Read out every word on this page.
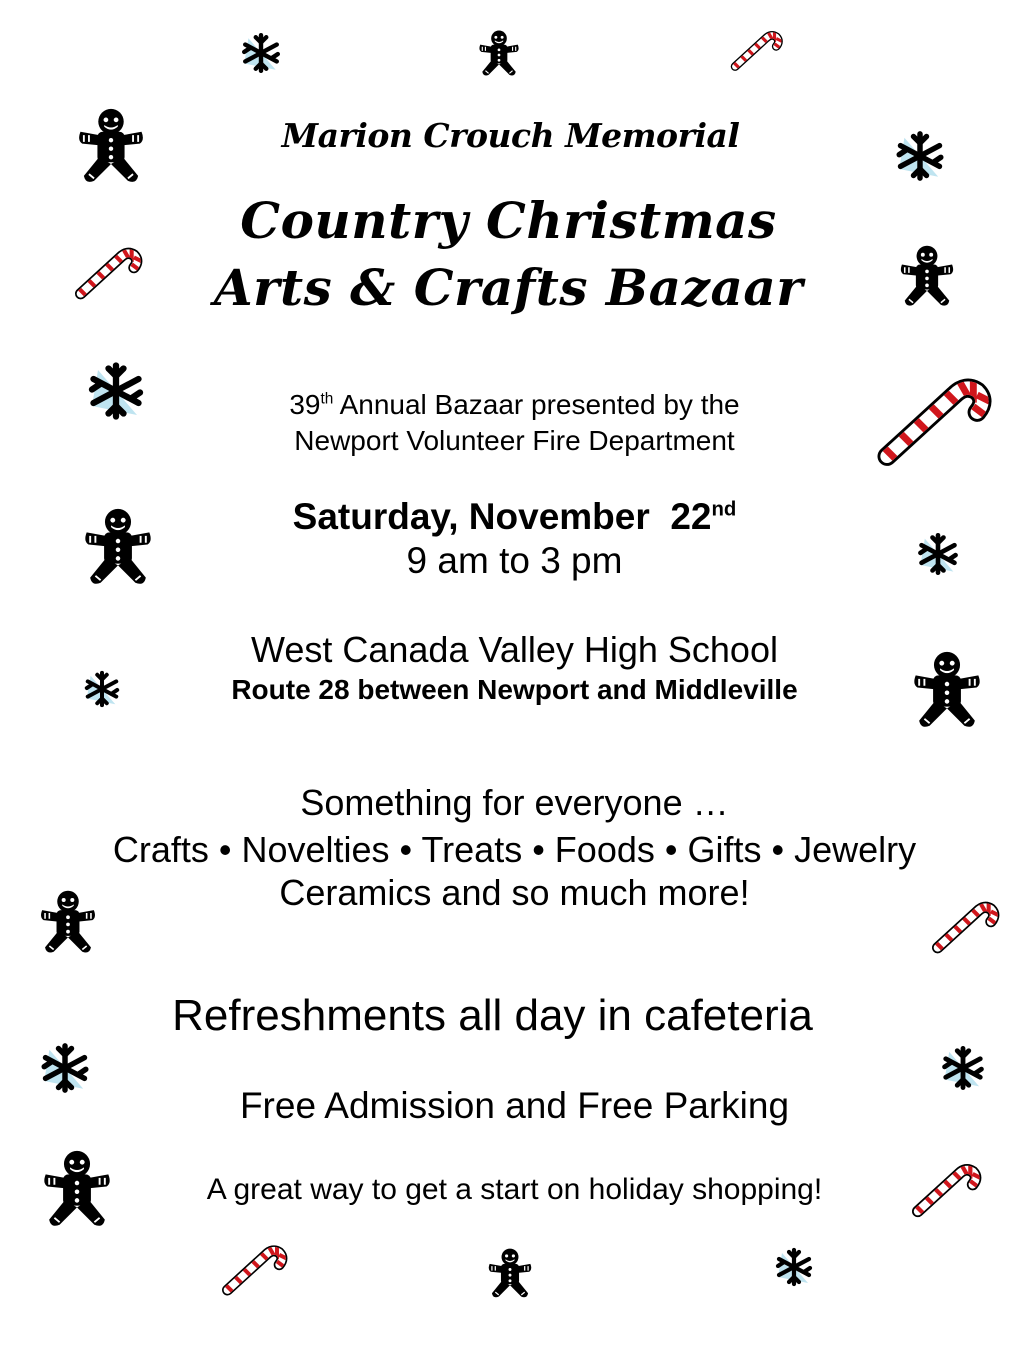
Marion Crouch Memorial

Country Christmas

Arts & Crafts Bazaar

39th Annual Bazaar presented by the

Newport Volunteer Fire Department

Saturday, November  22nd

9 am to 3 pm

West Canada Valley High School

Route 28 between Newport and Middleville

Something for everyone …

Crafts • Novelties • Treats • Foods • Gifts • Jewelry

Ceramics and so much more!

Refreshments all day in cafeteria

Free Admission and Free Parking

A great way to get a start on holiday shopping!
